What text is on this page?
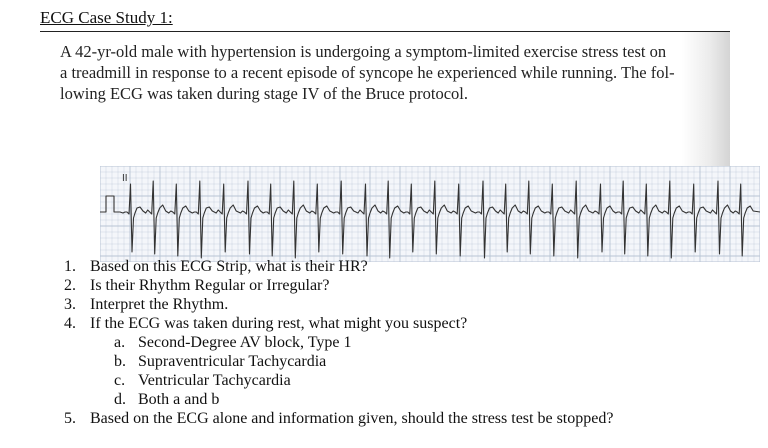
ECG Case Study 1:
A 42-yr-old male with hypertension is undergoing a symptom-limited exercise stress test on
a treadmill in response to a recent episode of syncope he experienced while running. The fol-
lowing ECG was taken during stage IV of the Bruce protocol.
II
1. Based on this ECG Strip, what is their HR?
2. Is their Rhythm Regular or Irregular?
3. Interpret the Rhythm.
4. If the ECG was taken during rest, what might you suspect?
a. Second-Degree AV block, Type 1
b. Supraventricular Tachycardia
c. Ventricular Tachycardia
d. Both a and b
5. Based on the ECG alone and information given, should the stress test be stopped?
